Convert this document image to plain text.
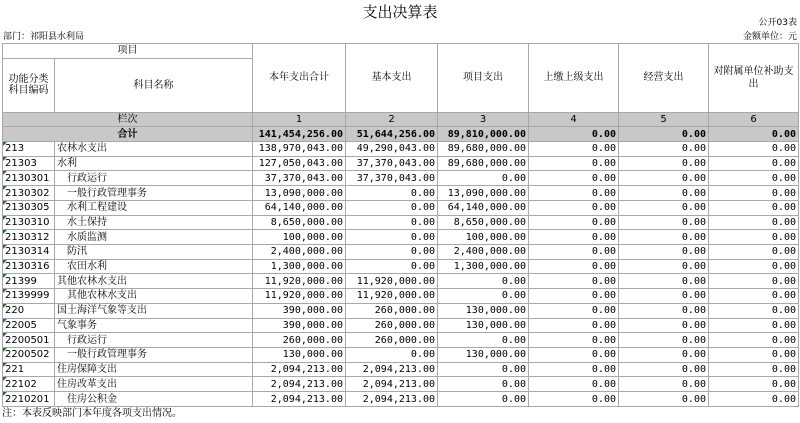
支出决算表
公开03表
部门：祁阳县水利局	金额单位：元
项目		本年支出合计	基本支出	项目支出	上缴上级支出	经营支出	对附属单位补助支出
功能分类科目编码	科目名称						
栏次		1	2	3	4	5	6
合计		141,454,256.00	51,644,256.00	89,810,000.00	0.00	0.00	0.00
213	农林水支出	138,970,043.00	49,290,043.00	89,680,000.00	0.00	0.00	0.00
21303	水利	127,050,043.00	37,370,043.00	89,680,000.00	0.00	0.00	0.00
2130301	　行政运行	37,370,043.00	37,370,043.00	0.00	0.00	0.00	0.00
2130302	　一般行政管理事务	13,090,000.00	0.00	13,090,000.00	0.00	0.00	0.00
2130305	　水利工程建设	64,140,000.00	0.00	64,140,000.00	0.00	0.00	0.00
2130310	　水土保持	8,650,000.00	0.00	8,650,000.00	0.00	0.00	0.00
2130312	　水质监测	100,000.00	0.00	100,000.00	0.00	0.00	0.00
2130314	　防汛	2,400,000.00	0.00	2,400,000.00	0.00	0.00	0.00
2130316	　农田水利	1,300,000.00	0.00	1,300,000.00	0.00	0.00	0.00
21399	其他农林水支出	11,920,000.00	11,920,000.00	0.00	0.00	0.00	0.00
2139999	　其他农林水支出	11,920,000.00	11,920,000.00	0.00	0.00	0.00	0.00
220	国土海洋气象等支出	390,000.00	260,000.00	130,000.00	0.00	0.00	0.00
22005	气象事务	390,000.00	260,000.00	130,000.00	0.00	0.00	0.00
2200501	　行政运行	260,000.00	260,000.00	0.00	0.00	0.00	0.00
2200502	　一般行政管理事务	130,000.00	0.00	130,000.00	0.00	0.00	0.00
221	住房保障支出	2,094,213.00	2,094,213.00	0.00	0.00	0.00	0.00
22102	住房改革支出	2,094,213.00	2,094,213.00	0.00	0.00	0.00	0.00
2210201	　住房公积金	2,094,213.00	2,094,213.00	0.00	0.00	0.00	0.00
注：本表反映部门本年度各项支出情况。
